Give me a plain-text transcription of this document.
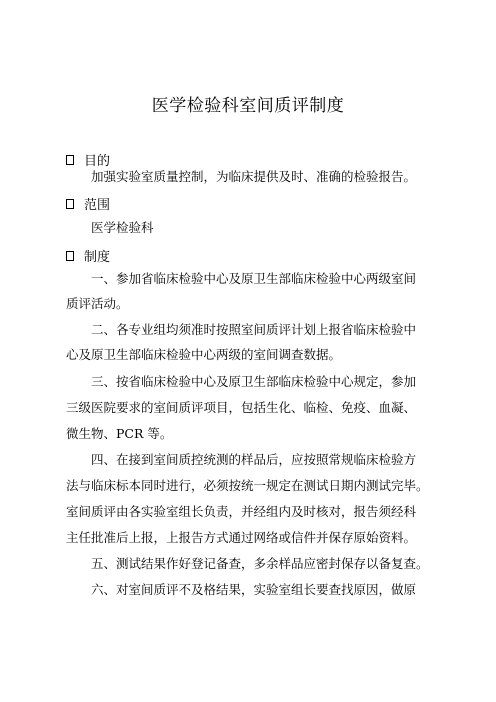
医学检验科室间质评制度
目的
加强实验室质量控制，为临床提供及时、准确的检验报告。
范围
医学检验科
制度
一、参加省临床检验中心及原卫生部临床检验中心两级室间
质评活动。
二、各专业组均须准时按照室间质评计划上报省临床检验中
心及原卫生部临床检验中心两级的室间调查数据。
三、按省临床检验中心及原卫生部临床检验中心规定，参加
三级医院要求的室间质评项目，包括生化、临检、免疫、血凝、
微生物、PCR 等。
四、在接到室间质控统测的样品后，应按照常规临床检验方
法与临床标本同时进行，必须按统一规定在测试日期内测试完毕。
室间质评由各实验室组长负责，并经组内及时核对，报告须经科
主任批准后上报，上报告方式通过网络或信件并保存原始资料。
五、测试结果作好登记备查，多余样品应密封保存以备复查。
六、对室间质评不及格结果，实验室组长要查找原因，做原
